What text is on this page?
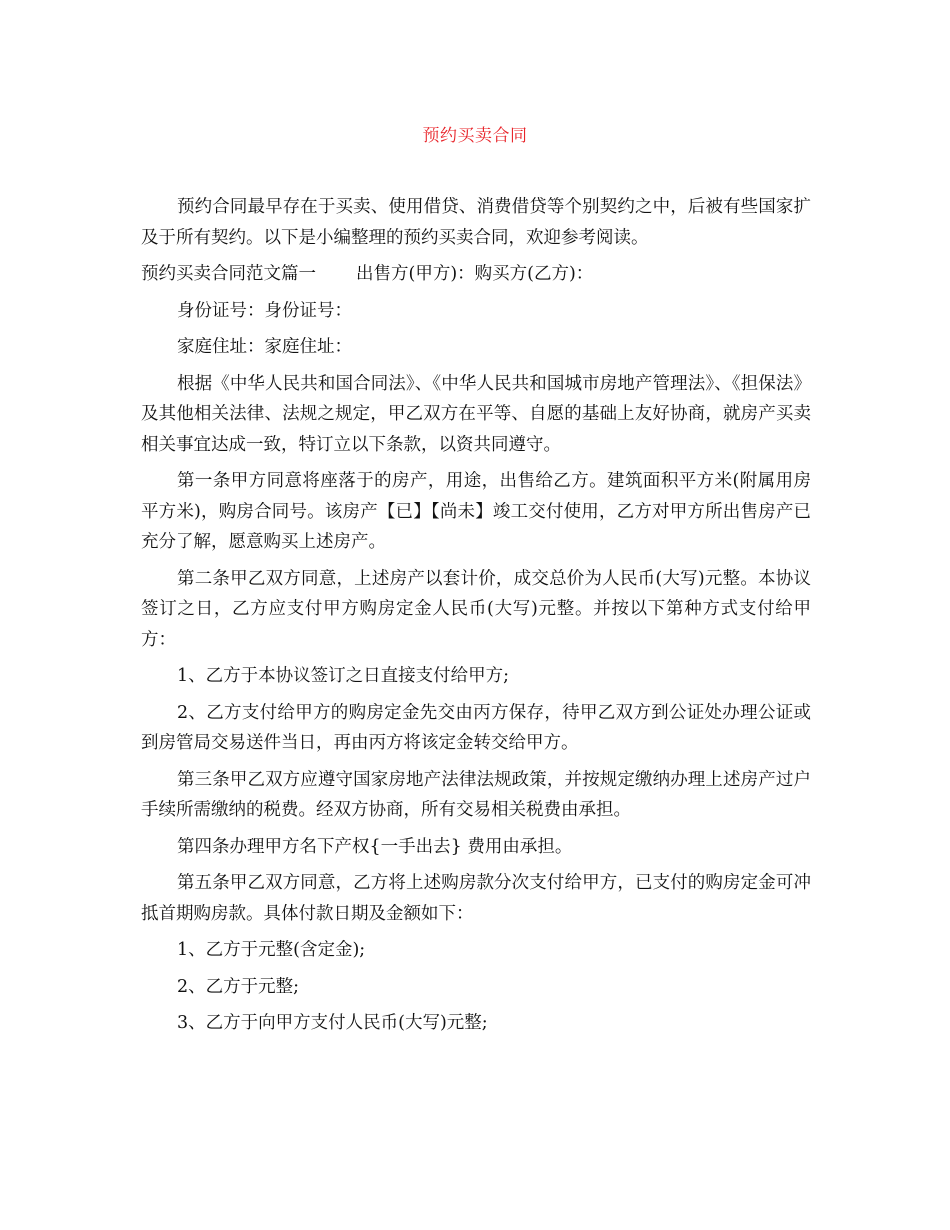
预约买卖合同

预约合同最早存在于买卖、使用借贷、消费借贷等个别契约之中，后被有些国家扩及于所有契约。以下是小编整理的预约买卖合同，欢迎参考阅读。

预约买卖合同范文篇一 出售方(甲方)：购买方(乙方)：

身份证号：身份证号：

家庭住址：家庭住址：

根据《中华人民共和国合同法》、《中华人民共和国城市房地产管理法》、《担保法》及其他相关法律、法规之规定，甲乙双方在平等、自愿的基础上友好协商，就房产买卖相关事宜达成一致，特订立以下条款，以资共同遵守。

第一条甲方同意将座落于的房产，用途，出售给乙方。建筑面积平方米(附属用房平方米)，购房合同号。该房产【已】【尚未】竣工交付使用，乙方对甲方所出售房产已充分了解，愿意购买上述房产。

第二条甲乙双方同意，上述房产以套计价，成交总价为人民币(大写)元整。本协议签订之日，乙方应支付甲方购房定金人民币(大写)元整。并按以下第种方式支付给甲方：

1、乙方于本协议签订之日直接支付给甲方;

2、乙方支付给甲方的购房定金先交由丙方保存，待甲乙双方到公证处办理公证或到房管局交易送件当日，再由丙方将该定金转交给甲方。

第三条甲乙双方应遵守国家房地产法律法规政策，并按规定缴纳办理上述房产过户手续所需缴纳的税费。经双方协商，所有交易相关税费由承担。

第四条办理甲方名下产权{一手出去} 费用由承担。

第五条甲乙双方同意，乙方将上述购房款分次支付给甲方，已支付的购房定金可冲抵首期购房款。具体付款日期及金额如下：

1、乙方于元整(含定金);

2、乙方于元整;

3、乙方于向甲方支付人民币(大写)元整;
